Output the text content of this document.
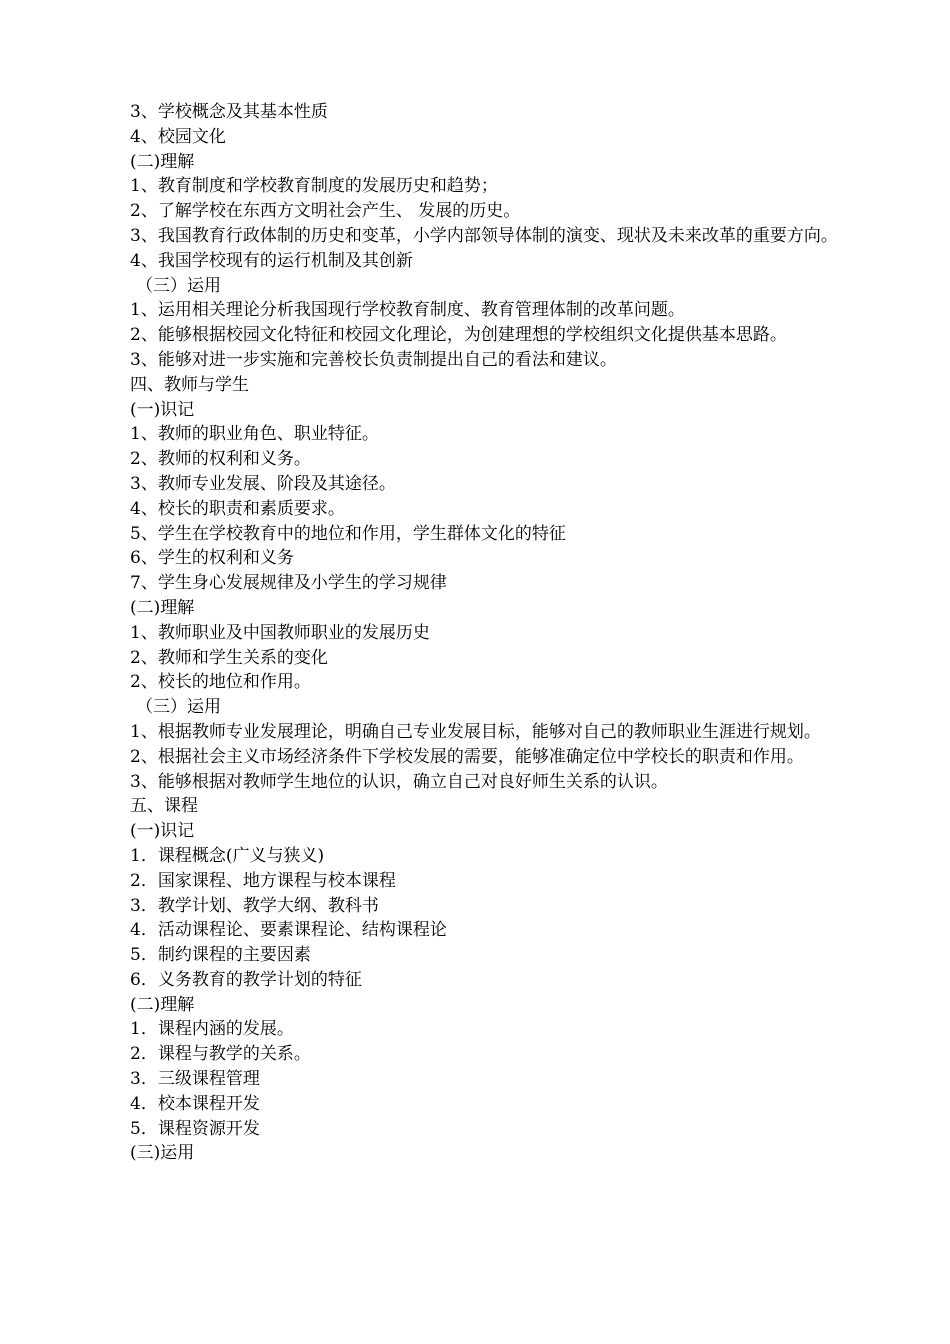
3、学校概念及其基本性质

4、校园文化

(二)理解

1、教育制度和学校教育制度的发展历史和趋势；

2、了解学校在东西方文明社会产生、 发展的历史。

3、我国教育行政体制的历史和变革，小学内部领导体制的演变、现状及未来改革的重要方向。

4、我国学校现有的运行机制及其创新

（三）运用

1、运用相关理论分析我国现行学校教育制度、教育管理体制的改革问题。

2、能够根据校园文化特征和校园文化理论，为创建理想的学校组织文化提供基本思路。

3、能够对进一步实施和完善校长负责制提出自己的看法和建议。

四、教师与学生

(一)识记

1、教师的职业角色、职业特征。

2、教师的权利和义务。

3、教师专业发展、阶段及其途径。

4、校长的职责和素质要求。

5、学生在学校教育中的地位和作用，学生群体文化的特征

6、学生的权利和义务

7、学生身心发展规律及小学生的学习规律

(二)理解

1、教师职业及中国教师职业的发展历史

2、教师和学生关系的变化

2、校长的地位和作用。

（三）运用

1、根据教师专业发展理论，明确自己专业发展目标，能够对自己的教师职业生涯进行规划。

2、根据社会主义市场经济条件下学校发展的需要，能够准确定位中学校长的职责和作用。

3、能够根据对教师学生地位的认识，确立自己对良好师生关系的认识。

五、课程

(一)识记

1．课程概念(广义与狭义)

2．国家课程、地方课程与校本课程

3．教学计划、教学大纲、教科书

4．活动课程论、要素课程论、结构课程论

5．制约课程的主要因素

6．义务教育的教学计划的特征

(二)理解

1．课程内涵的发展。

2．课程与教学的关系。

3．三级课程管理

4．校本课程开发

5．课程资源开发

(三)运用
